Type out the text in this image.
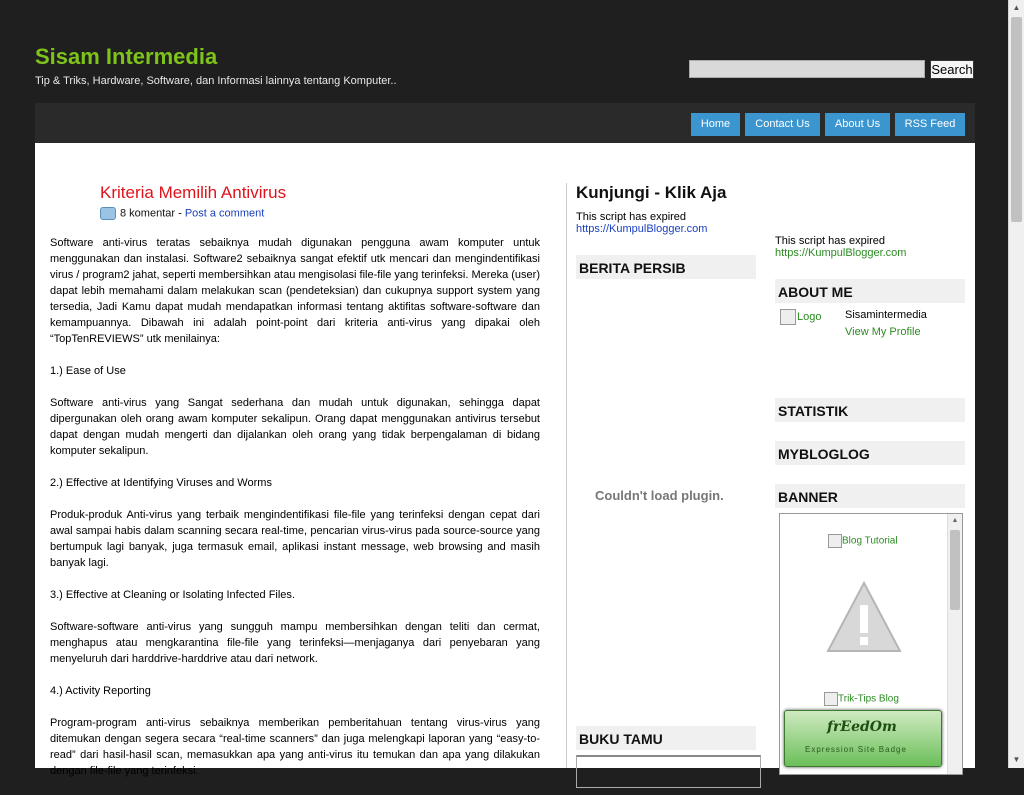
Sisam Intermedia
Tip & Triks, Hardware, Software, dan Informasi lainnya tentang Komputer..
Search
Home	Contact Us	About Us	RSS Feed
Kriteria Memilih Antivirus
8 komentar - Post a comment

Software anti-virus teratas sebaiknya mudah digunakan pengguna awam komputer untuk menggunakan dan instalasi. Software2 sebaiknya sangat efektif utk mencari dan mengindentifikasi virus / program2 jahat, seperti membersihkan atau mengisolasi file-file yang terinfeksi. Mereka (user) dapat lebih memahami dalam melakukan scan (pendeteksian) dan cukupnya support system yang tersedia, Jadi Kamu dapat mudah mendapatkan informasi tentang aktifitas software-software dan kemampuannya. Dibawah ini adalah point-point dari kriteria anti-virus yang dipakai oleh “TopTenREVIEWS” utk menilainya:

1.) Ease of Use

Software anti-virus yang Sangat sederhana dan mudah untuk digunakan, sehingga dapat dipergunakan oleh orang awam komputer sekalipun. Orang dapat menggunakan antivirus tersebut dapat dengan mudah mengerti dan dijalankan oleh orang yang tidak berpengalaman di bidang komputer sekalipun.

2.) Effective at Identifying Viruses and Worms

Produk-produk Anti-virus yang terbaik mengindentifikasi file-file yang terinfeksi dengan cepat dari awal sampai habis dalam scanning secara real-time, pencarian virus-virus pada source-source yang bertumpuk lagi banyak, juga termasuk email, aplikasi instant message, web browsing and masih banyak lagi.

3.) Effective at Cleaning or Isolating Infected Files.

Software-software anti-virus yang sungguh mampu membersihkan dengan teliti dan cermat, menghapus atau mengkarantina file-file yang terinfeksi—menjaganya dari penyebaran yang menyeluruh dari harddrive-harddrive atau dari network.

4.) Activity Reporting

Program-program anti-virus sebaiknya memberikan pemberitahuan tentang virus-virus yang ditemukan dengan segera secara “real-time scanners” dan juga melengkapi laporan yang “easy-to-read” dari hasil-hasil scan, memasukkan apa yang anti-virus itu temukan dan apa yang dilakukan dengan file-file yang terinfeksi.

Kunjungi - Klik Aja
This script has expired
https://KumpulBlogger.com
BERITA PERSIB
Couldn't load plugin.
BUKU TAMU
This script has expired
https://KumpulBlogger.com
ABOUT ME
Logo Sisamintermedia
View My Profile
STATISTIK
MYBLOGLOG
BANNER
Blog Tutorial
Trik-Tips Blog
▲
frEedOm
Expression Site Badge
▲
▼
